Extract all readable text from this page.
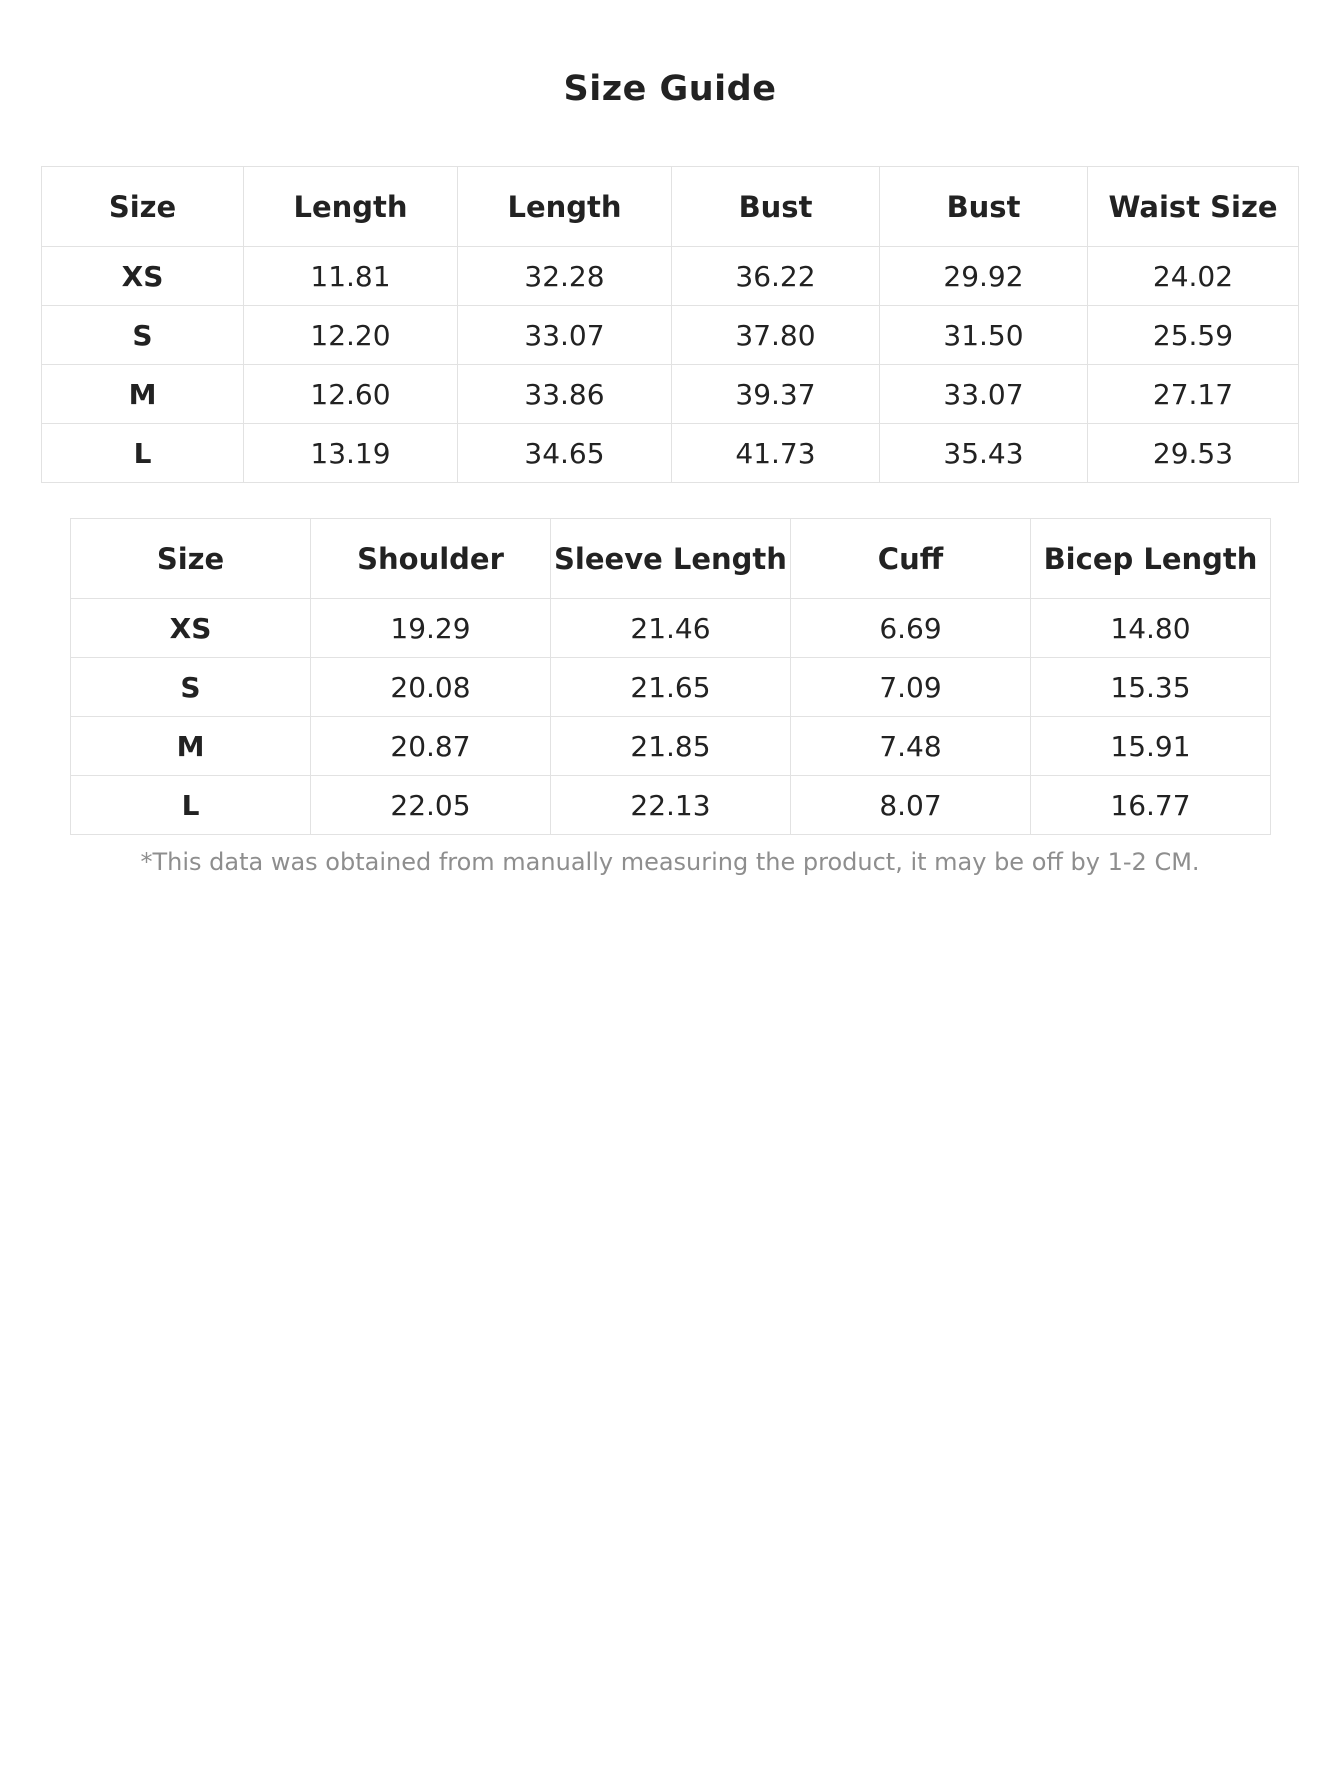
Size Guide
Size	Length	Length	Bust	Bust	Waist Size
XS	11.81	32.28	36.22	29.92	24.02
S	12.20	33.07	37.80	31.50	25.59
M	12.60	33.86	39.37	33.07	27.17
L	13.19	34.65	41.73	35.43	29.53
Size	Shoulder	Sleeve Length	Cuff	Bicep Length
XS	19.29	21.46	6.69	14.80
S	20.08	21.65	7.09	15.35
M	20.87	21.85	7.48	15.91
L	22.05	22.13	8.07	16.77
*This data was obtained from manually measuring the product, it may be off by 1-2 CM.
